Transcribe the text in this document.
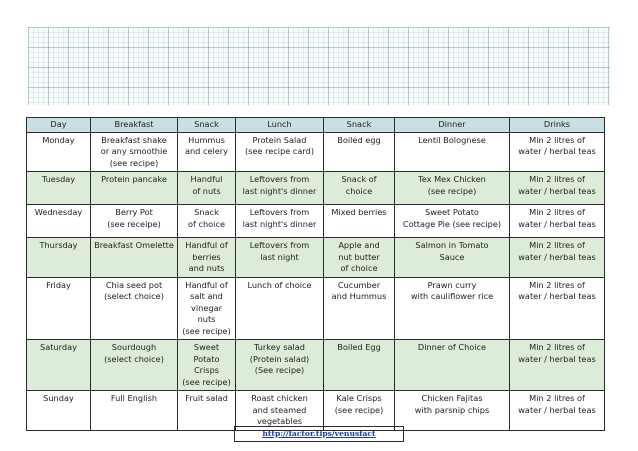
Day	Breakfast	Snack	Lunch	Snack	Dinner	Drinks

Monday	Breakfast shake
or any smoothie
(see recipe)	Hummus
and celery	Protein Salad
(see recipe card)	Boiled egg	Lentil Bolognese	Min 2 litres of
water / herbal teas

Tuesday	Protein pancake	Handful
of nuts	Leftovers from
last night's dinner	Snack of choice	Tex Mex Chicken
(see recipe)	Min 2 litres of
water / herbal teas

Wednesday	Berry Pot
(see receipe)	Snack
of choice	Leftovers from
last night's dinner	Mixed berries	Sweet Potato
Cottage Pie (see recipe)	Min 2 litres of
water / herbal teas

Thursday	Breakfast Omelette	Handful of
berries
and nuts	Leftovers from
last night	Apple and
nut butter
of choice	Salmon in Tomato
Sauce	Min 2 litres of
water / herbal teas

Friday	Chia seed pot
(select choice)	Handful of
salt and
vinegar nuts
(see recipe)	Lunch of choice	Cucumber
and Hummus	Prawn curry
with cauliflower rice	Min 2 litres of
water / herbal teas

Saturday	Sourdough
(select choice)	Sweet Potato
Crisps
(see recipe)	Turkey salad
(Protein salad)
(See recipe)	Boiled Egg	Dinner of Choice	Min 2 litres of
water / herbal teas

Sunday	Full English	Fruit salad	Roast chicken
and steamed
vegetables	Kale Crisps
(see recipe)	Chicken Fajitas
with parsnip chips	Min 2 litres of
water / herbal teas
http://factor.tips/venusfact
